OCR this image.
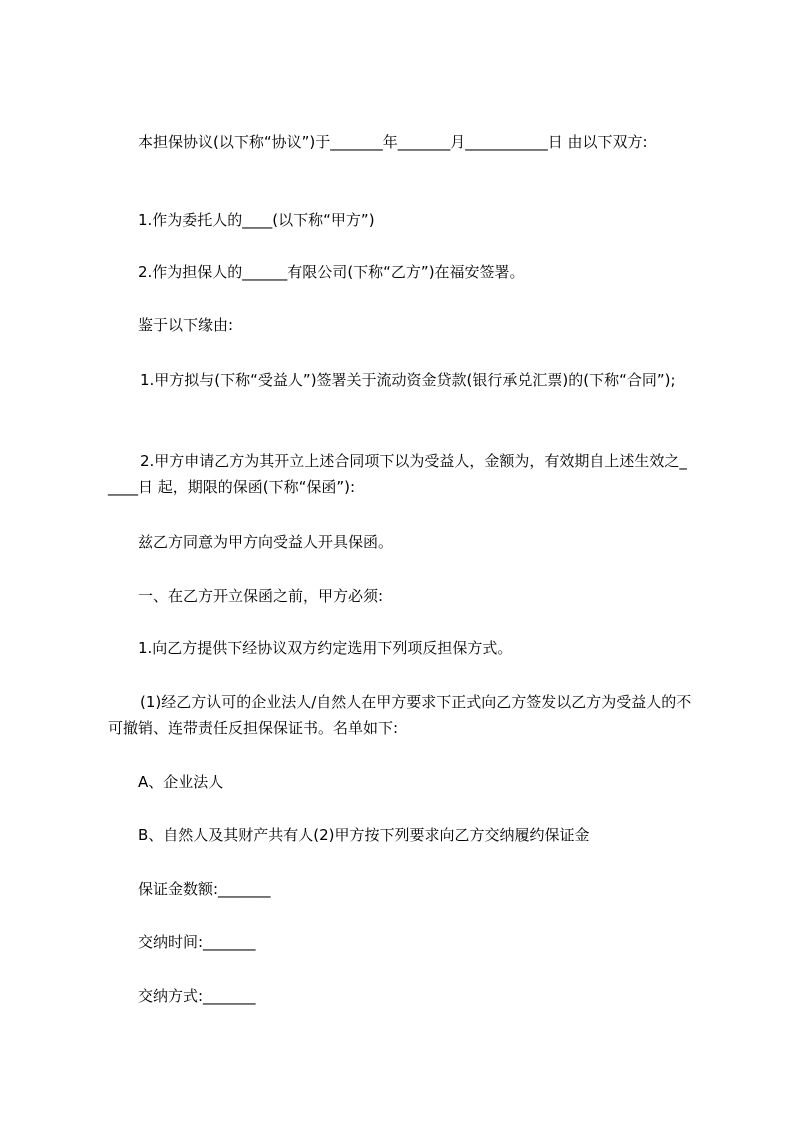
本担保协议(以下称“协议”)于_______年_______月___________日 由以下双方:

1.作为委托人的____(以下称“甲方”)

2.作为担保人的______有限公司(下称“乙方”)在福安签署。

鉴于以下缘由:

1.甲方拟与(下称“受益人”)签署关于流动资金贷款(银行承兑汇票)的(下称“合同”);

2.甲方申请乙方为其开立上述合同项下以为受益人，金额为，有效期自上述生效之_____日 起，期限的保函(下称“保函”):

兹乙方同意为甲方向受益人开具保函。

一、在乙方开立保函之前，甲方必须:

1.向乙方提供下经协议双方约定选用下列项反担保方式。

(1)经乙方认可的企业法人/自然人在甲方要求下正式向乙方签发以乙方为受益人的不可撤销、连带责任反担保保证书。名单如下:

A、企业法人

B、自然人及其财产共有人(2)甲方按下列要求向乙方交纳履约保证金

保证金数额:_______

交纳时间:_______

交纳方式:_______
